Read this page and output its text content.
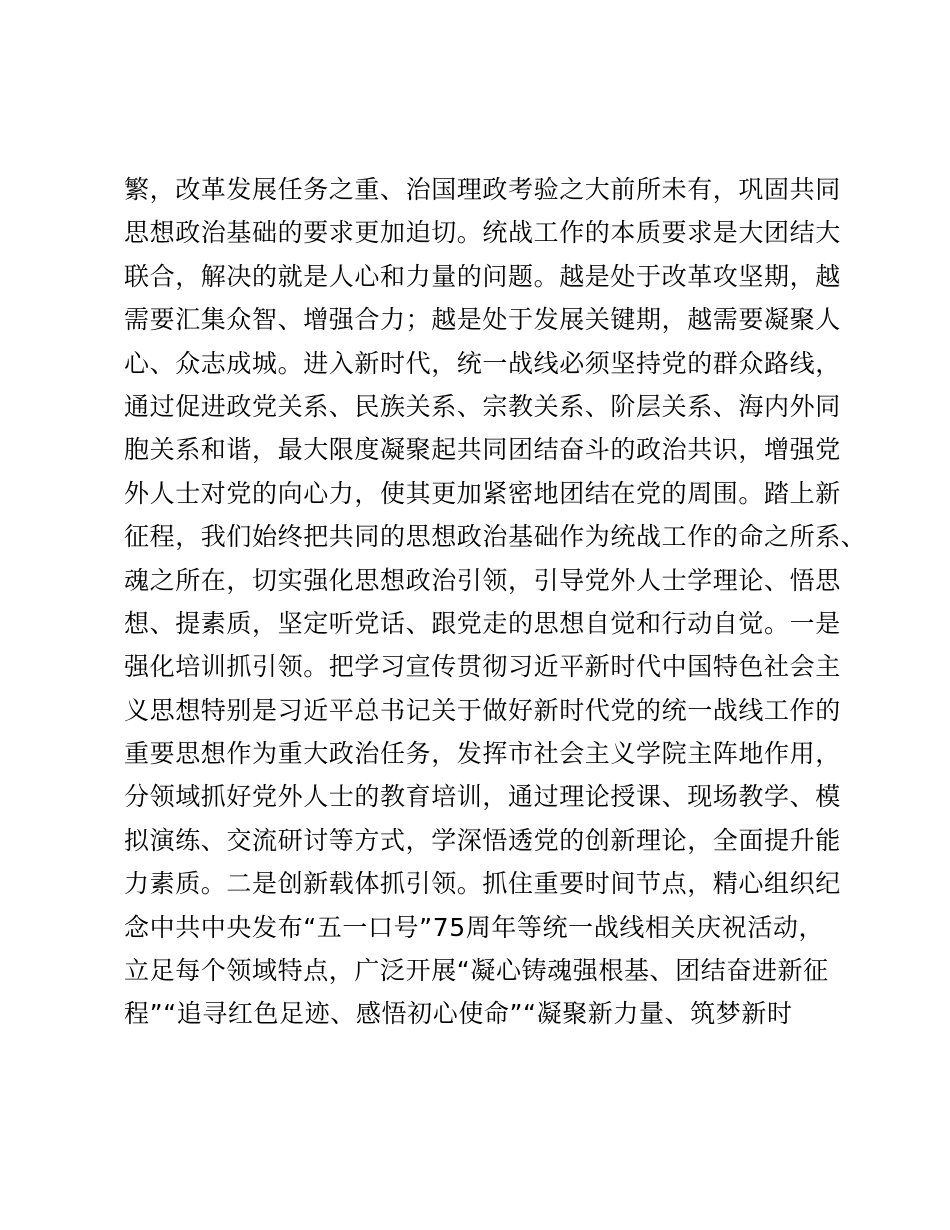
繁，改革发展任务之重、治国理政考验之大前所未有，巩固共同
思想政治基础的要求更加迫切。统战工作的本质要求是大团结大
联合，解决的就是人心和力量的问题。越是处于改革攻坚期，越
需要汇集众智、增强合力；越是处于发展关键期，越需要凝聚人
心、众志成城。进入新时代，统一战线必须坚持党的群众路线，
通过促进政党关系、民族关系、宗教关系、阶层关系、海内外同
胞关系和谐，最大限度凝聚起共同团结奋斗的政治共识，增强党
外人士对党的向心力，使其更加紧密地团结在党的周围。踏上新
征程，我们始终把共同的思想政治基础作为统战工作的命之所系、
魂之所在，切实强化思想政治引领，引导党外人士学理论、悟思
想、提素质，坚定听党话、跟党走的思想自觉和行动自觉。一是
强化培训抓引领。把学习宣传贯彻习近平新时代中国特色社会主
义思想特别是习近平总书记关于做好新时代党的统一战线工作的
重要思想作为重大政治任务，发挥市社会主义学院主阵地作用，
分领域抓好党外人士的教育培训，通过理论授课、现场教学、模
拟演练、交流研讨等方式，学深悟透党的创新理论，全面提升能
力素质。二是创新载体抓引领。抓住重要时间节点，精心组织纪
念中共中央发布“五一口号”75周年等统一战线相关庆祝活动，
立足每个领域特点，广泛开展“凝心铸魂强根基、团结奋进新征
程”“追寻红色足迹、感悟初心使命”“凝聚新力量、筑梦新时
